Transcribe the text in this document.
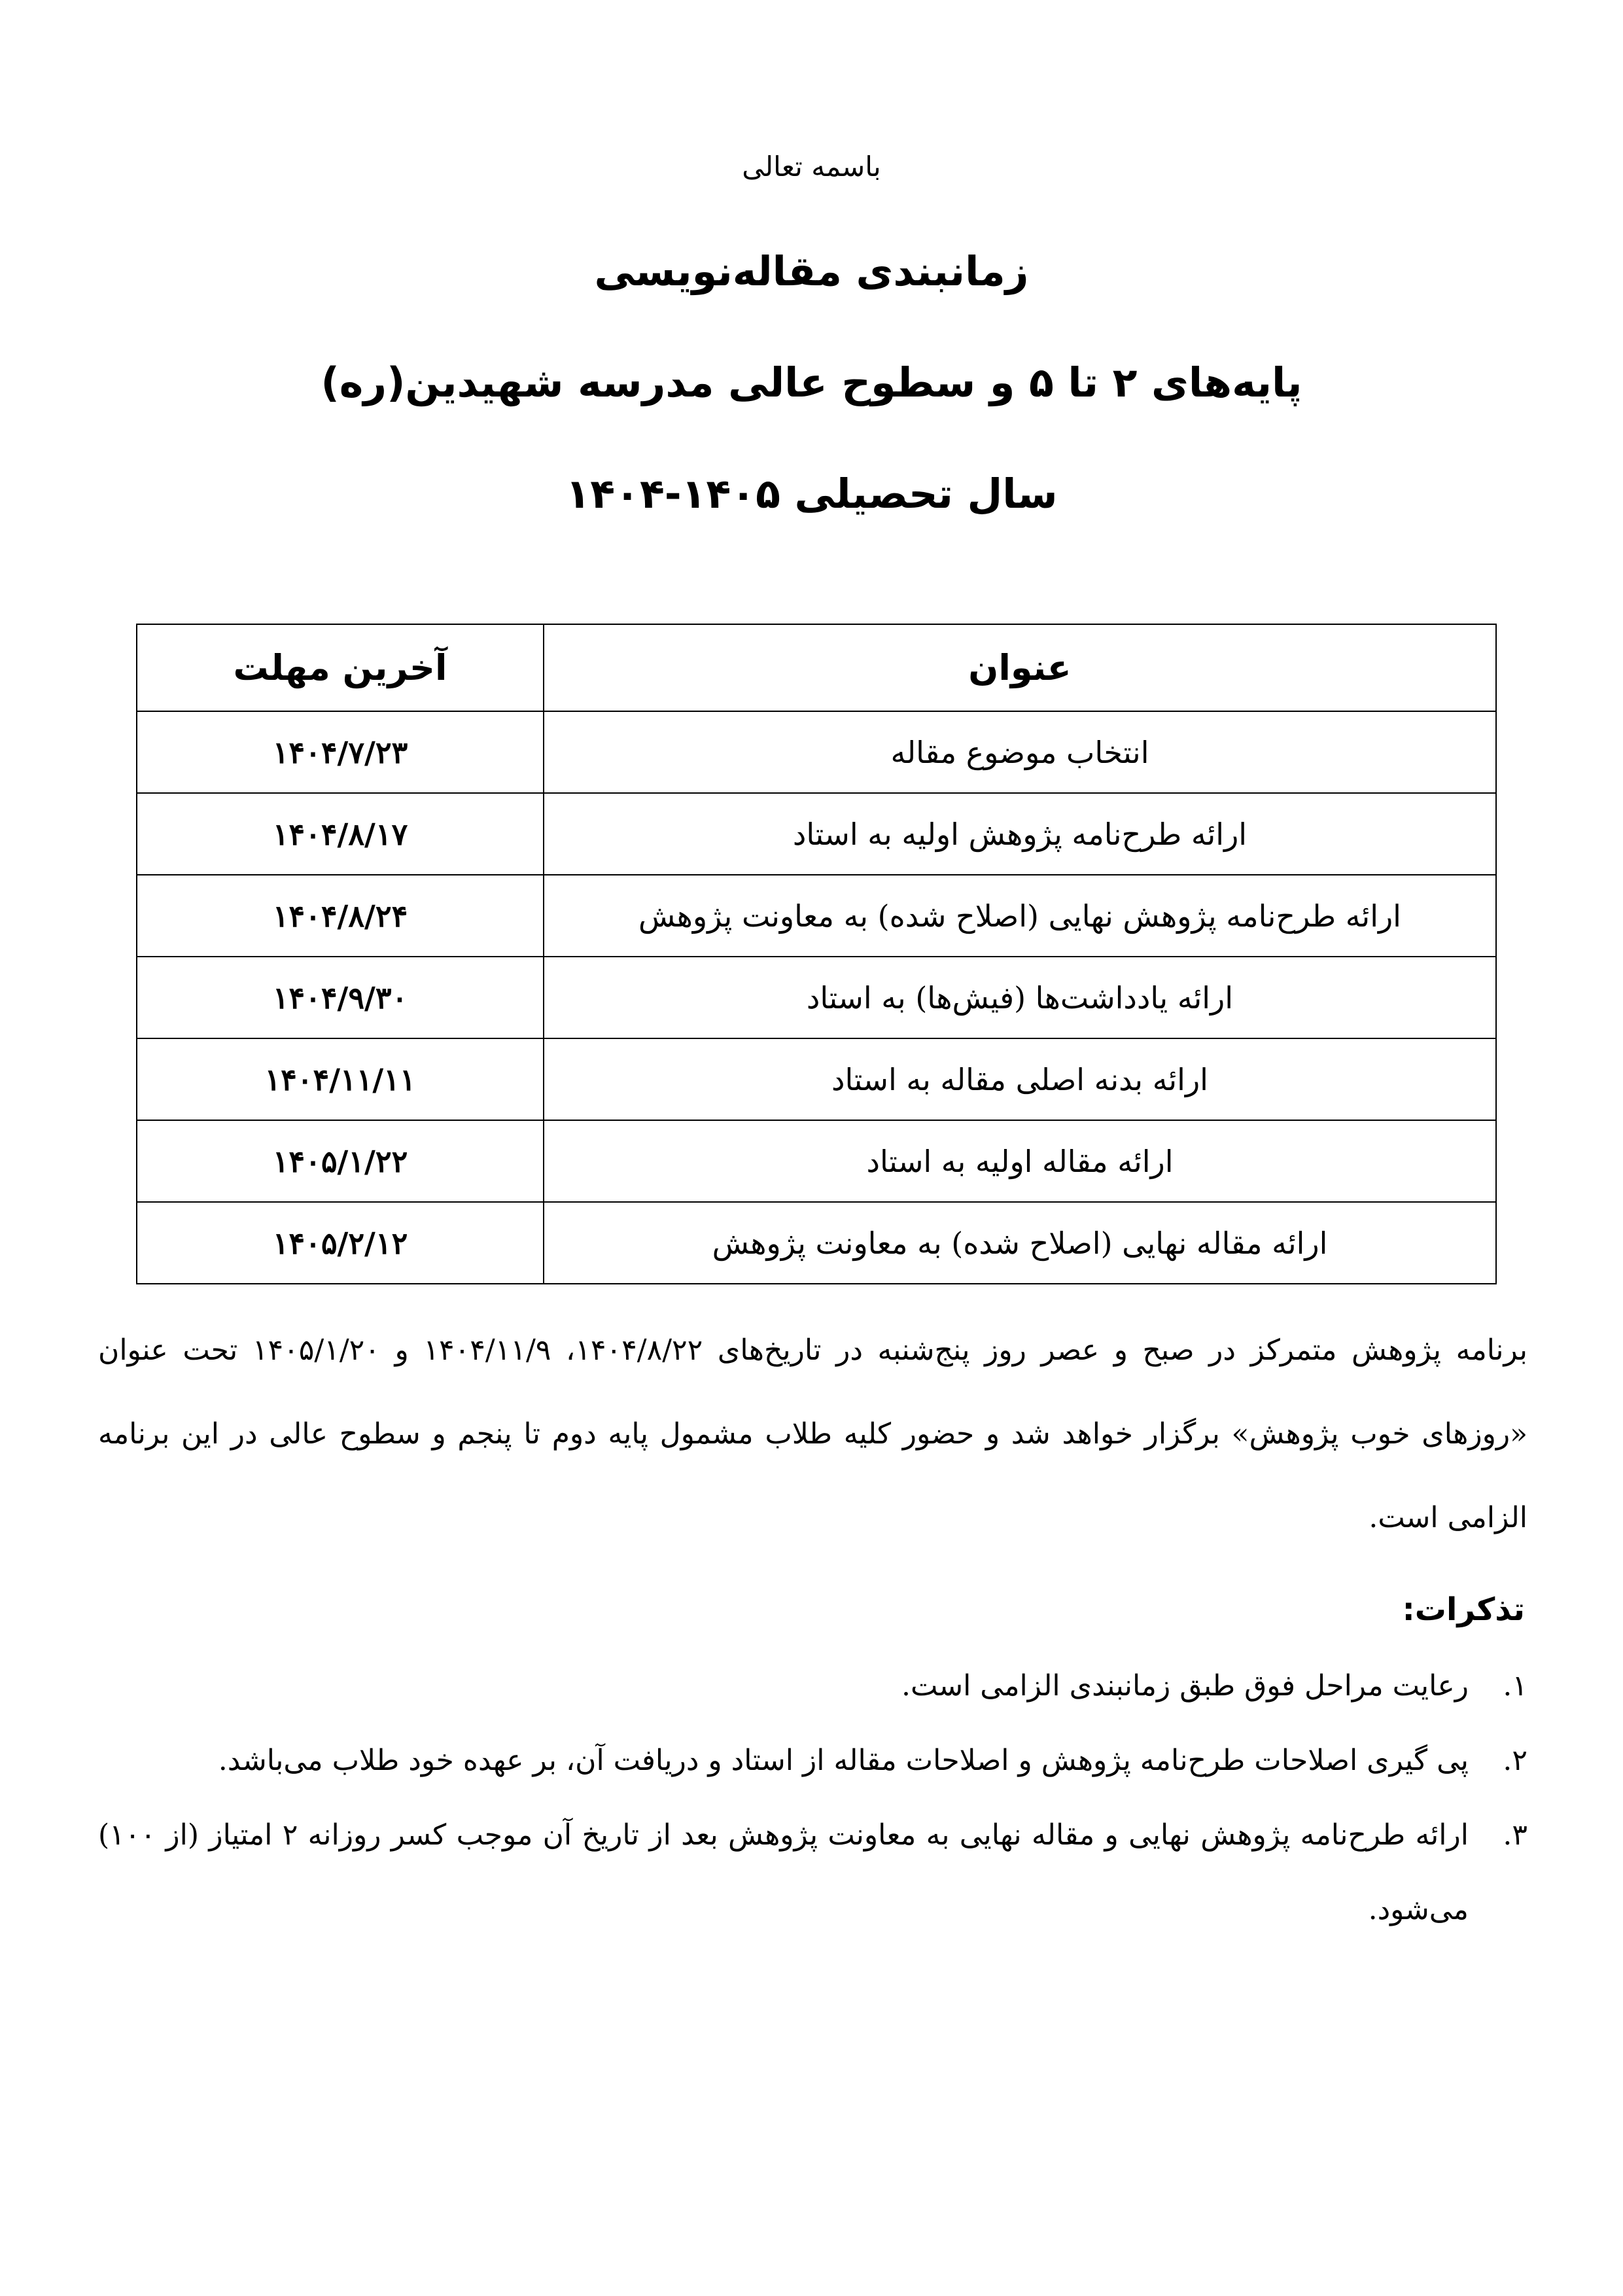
باسمه تعالی
زمانبندی مقاله‌نویسی
پایه‌های ۲ تا ۵ و سطوح عالی مدرسه شهیدین(ره)
سال تحصیلی ۱۴۰۵-۱۴۰۴
عنوان	آخرین مهلت
انتخاب موضوع مقاله	۱۴۰۴/۷/۲۳
ارائه طرح‌نامه پژوهش اولیه به استاد	۱۴۰۴/۸/۱۷
ارائه طرح‌نامه پژوهش نهایی (اصلاح شده) به معاونت پژوهش	۱۴۰۴/۸/۲۴
ارائه یادداشت‌ها (فیش‌ها) به استاد	۱۴۰۴/۹/۳۰
ارائه بدنه اصلی مقاله به استاد	۱۴۰۴/۱۱/۱۱
ارائه مقاله اولیه به استاد	۱۴۰۵/۱/۲۲
ارائه مقاله نهایی (اصلاح شده) به معاونت پژوهش	۱۴۰۵/۲/۱۲
برنامه پژوهش متمرکز در صبح و عصر روز پنج‌شنبه در تاریخ‌های ۱۴۰۴/۸/۲۲، ۱۴۰۴/۱۱/۹ و ۱۴۰۵/۱/۲۰ تحت عنوان «روزهای خوب پژوهش» برگزار خواهد شد و حضور کلیه طلاب مشمول پایه دوم تا پنجم و سطوح عالی در این برنامه الزامی است.
تذکرات:
۱.
رعایت مراحل فوق طبق زمانبندی الزامی است.
۲.
پی گیری اصلاحات طرح‌نامه پژوهش و اصلاحات مقاله از استاد و دریافت آن، بر عهده خود طلاب می‌باشد.
۳.
ارائه طرح‌نامه پژوهش نهایی و مقاله نهایی به معاونت پژوهش بعد از تاریخ آن موجب کسر روزانه ۲ امتیاز (از ۱۰۰) می‌شود.
